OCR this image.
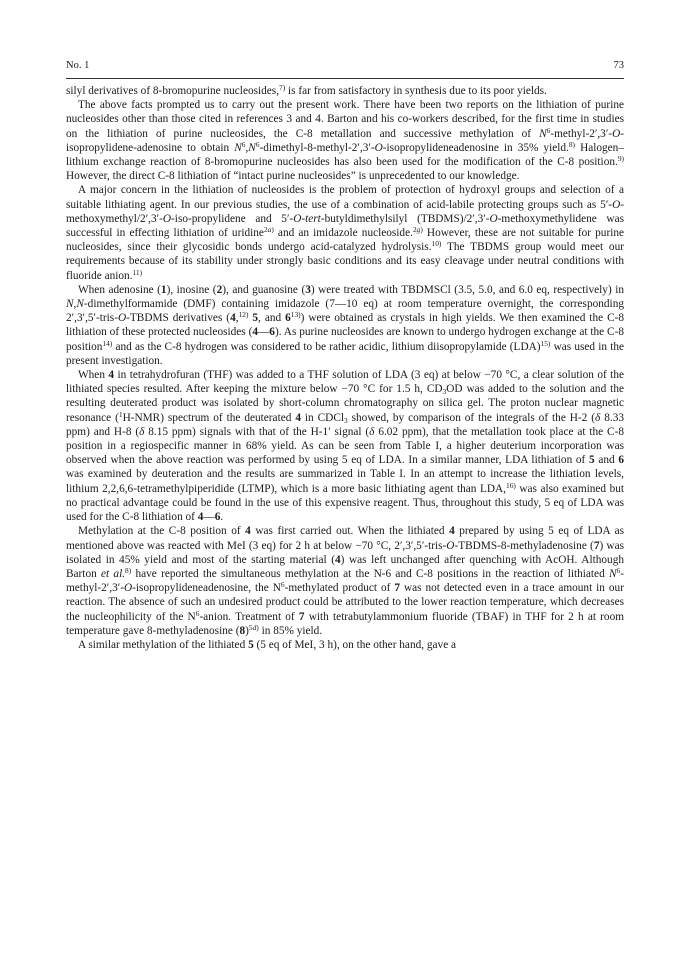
No. 1	73

silyl derivatives of 8-bromopurine nucleosides,$^{7)}$ is far from satisfactory in synthesis due to its poor yields.

The above facts prompted us to carry out the present work. There have been two reports on the lithiation of purine nucleosides other than those cited in references 3 and 4. Barton and his co-workers described, for the first time in studies on the lithiation of purine nucleosides, the C-8 metallation and successive methylation of $N^6-methyl-2',3'-O-isopropylidene$-adenosine to obtain $N^6,N^6-dimethyl-8-methyl-2',3'-O$-isopropylideneadenosine in 35% yield.$^{8)}$ Halogen–lithium exchange reaction of 8-bromopurine nucleosides has also been used for the modification of the C-8 position.$^{9)}$ However, the direct C-8 lithiation of “intact purine nucleosides” is unprecedented to our knowledge.

A major concern in the lithiation of nucleosides is the problem of protection of hydroxyl groups and selection of a suitable lithiating agent. In our previous studies, the use of a combination of acid-labile protecting groups such as 5′-O-methoxymethyl/2′,3′-O-iso-propylidene and 5′-O-tert-butyldimethylsilyl (TBDMS)/2′,3′-O-methoxymethylidene was successful in effecting lithiation of uridine$^{2a)}$ and an imidazole nucleoside.$^{2g)}$ However, these are not suitable for purine nucleosides, since their glycosidic bonds undergo acid-catalyzed hydrolysis.$^{10)}$ The TBDMS group would meet our requirements because of its stability under strongly basic conditions and its easy cleavage under neutral conditions with fluoride anion.$^{11)}$

When adenosine (1), inosine (2), and guanosine (3) were treated with TBDMSCl (3.5, 5.0, and 6.0 eq, respectively) in N,N-dimethylformamide (DMF) containing imidazole (7—10 eq) at room temperature overnight, the corresponding 2′,3′,5′-tris-O-TBDMS derivatives (4,$^{12)}$ 5, and 6$^{13)}$) were obtained as crystals in high yields. We then examined the C-8 lithiation of these protected nucleosides (4—6). As purine nucleosides are known to undergo hydrogen exchange at the C-8 position$^{14)}$ and as the C-8 hydrogen was considered to be rather acidic, lithium diisopropylamide (LDA)$^{15)}$ was used in the present investigation.

When 4 in tetrahydrofuran (THF) was added to a THF solution of LDA (3 eq) at below −70 °C, a clear solution of the lithiated species resulted. After keeping the mixture below −70 °C for 1.5 h, $CD_3OD$ was added to the solution and the resulting deuterated product was isolated by short-column chromatography on silica gel. The proton nuclear magnetic resonance ($^1$H-NMR) spectrum of the deuterated 4 in CDCl$_3$ showed, by comparison of the integrals of the H-2 (δ 8.33 ppm) and H-8 (δ 8.15 ppm) signals with that of the H-1′ signal (δ 6.02 ppm), that the metallation took place at the C-8 position in a regiospecific manner in 68% yield. As can be seen from Table I, a higher deuterium incorporation was observed when the above reaction was performed by using 5 eq of LDA. In a similar manner, LDA lithiation of 5 and 6 was examined by deuteration and the results are summarized in Table I. In an attempt to increase the lithiation levels, lithium 2,2,6,6-tetramethylpiperidide (LTMP), which is a more basic lithiating agent than LDA,$^{16)}$ was also examined but no practical advantage could be found in the use of this expensive reagent. Thus, throughout this study, 5 eq of LDA was used for the C-8 lithiation of 4—6.

Methylation at the C-8 position of 4 was first carried out. When the lithiated 4 prepared by using 5 eq of LDA as mentioned above was reacted with MeI (3 eq) for 2 h at below −70 °C, 2′,3′,5′-tris-O-TBDMS-8-methyladenosine (7) was isolated in 45% yield and most of the starting material (4) was left unchanged after quenching with AcOH. Although Barton et al.$^{8)}$ have reported the simultaneous methylation at the N-6 and C-8 positions in the reaction of lithiated $N^6-methyl-2',3'-O$-isopropylideneadenosine, the $N^6$-methylated product of 7 was not detected even in a trace amount in our reaction. The absence of such an undesired product could be attributed to the lower reaction temperature, which decreases the nucleophilicity of the $N^6$-anion. Treatment of 7 with tetrabutylammonium fluoride (TBAF) in THF for 2 h at room temperature gave 8-methyladenosine $(8)^{5d)}$ in 85% yield.

A similar methylation of the lithiated 5 (5 eq of MeI, 3 h), on the other hand, gave a
